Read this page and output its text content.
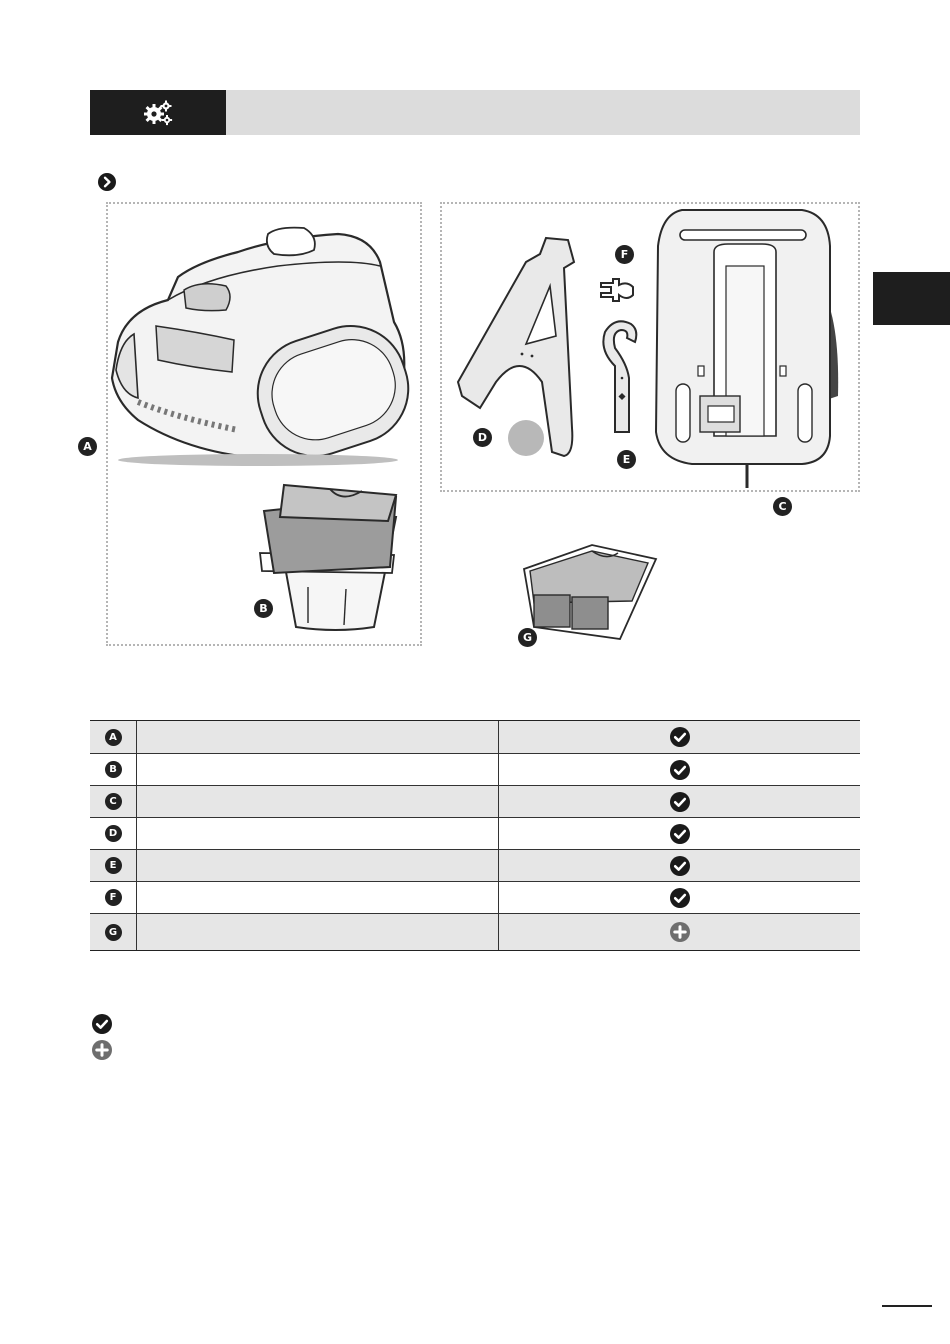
A
B
C
D
E
F
G
A
B
C
D
E
F
G
